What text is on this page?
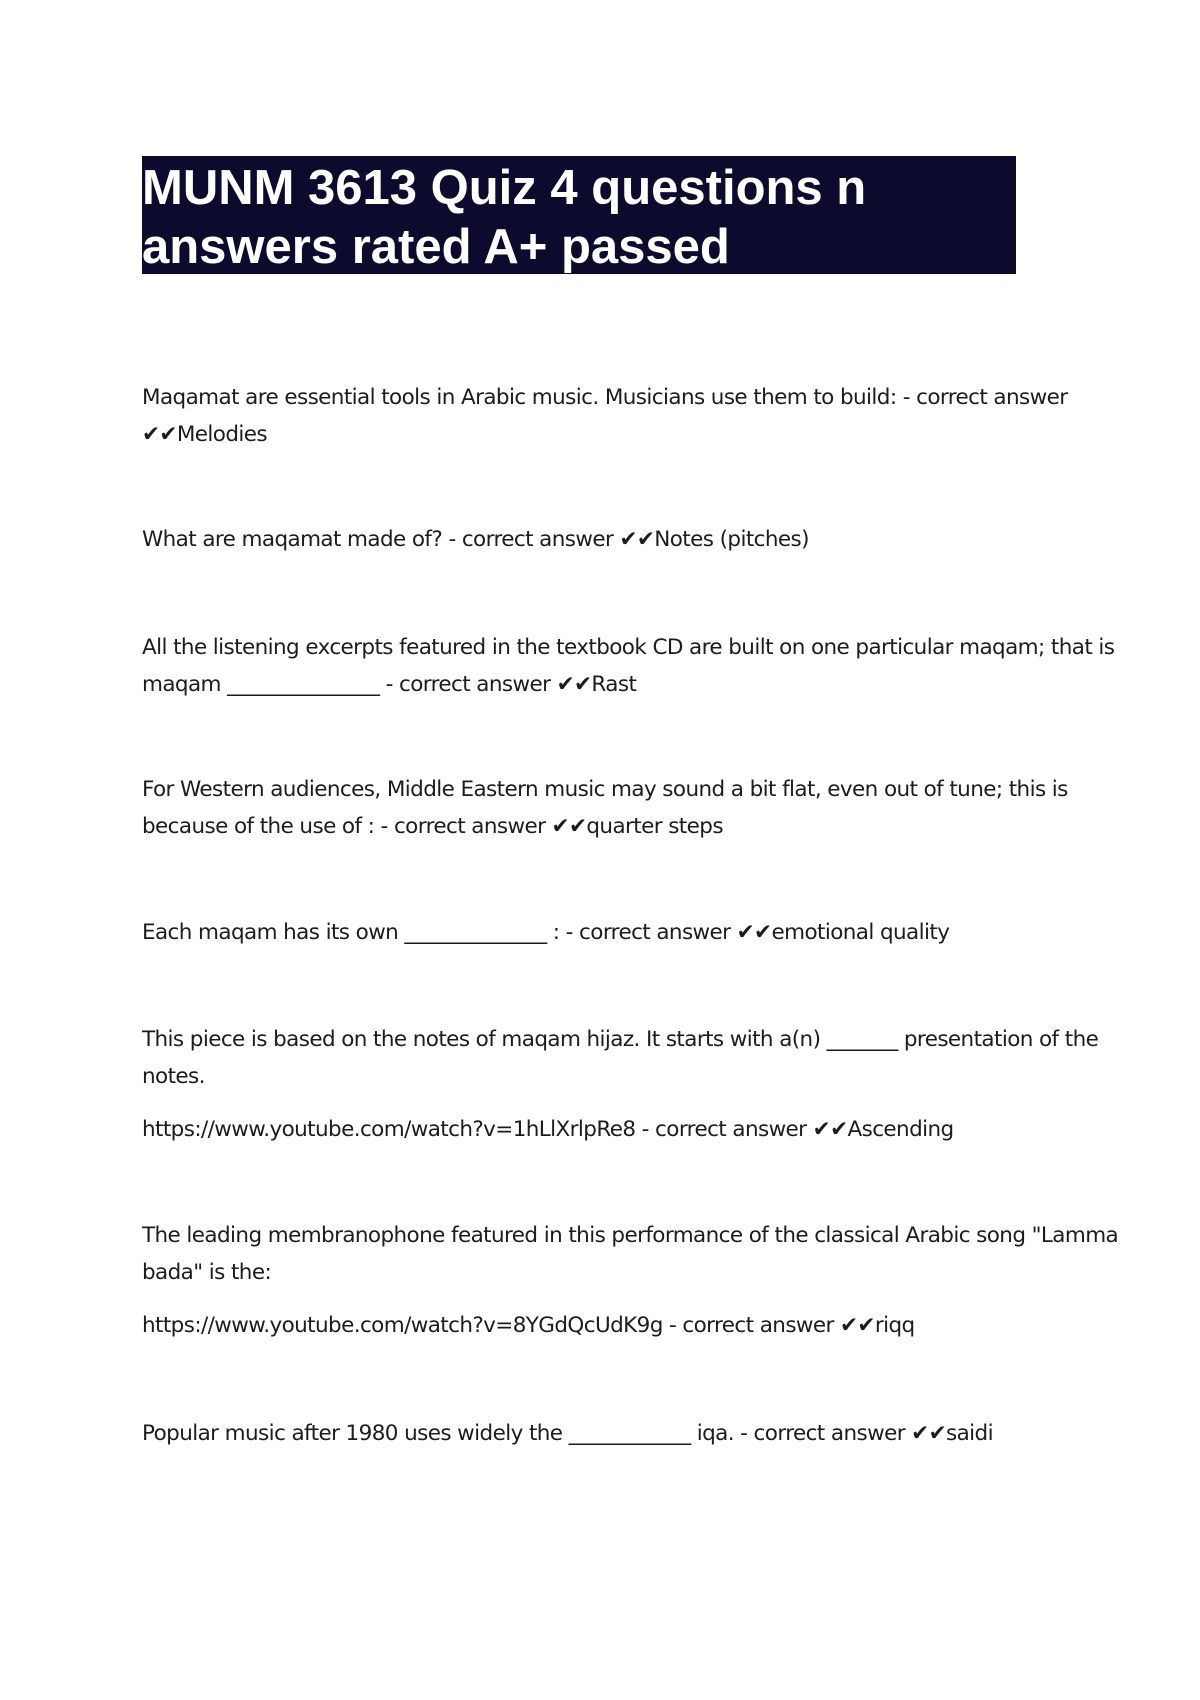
MUNM 3613 Quiz 4 questions n
answers rated A+ passed
Maqamat are essential tools in Arabic music. Musicians use them to build: - correct answer
✔✔Melodies
What are maqamat made of? - correct answer ✔✔Notes (pitches)
All the listening excerpts featured in the textbook CD are built on one particular maqam; that is
maqam _______________ - correct answer ✔✔Rast
For Western audiences, Middle Eastern music may sound a bit flat, even out of tune; this is
because of the use of : - correct answer ✔✔quarter steps
Each maqam has its own ______________ : - correct answer ✔✔emotional quality
This piece is based on the notes of maqam hijaz. It starts with a(n) _______ presentation of the
notes.
https://www.youtube.com/watch?v=1hLlXrlpRe8 - correct answer ✔✔Ascending
The leading membranophone featured in this performance of the classical Arabic song "Lamma
bada" is the:
https://www.youtube.com/watch?v=8YGdQcUdK9g - correct answer ✔✔riqq
Popular music after 1980 uses widely the ____________ iqa. - correct answer ✔✔saidi
